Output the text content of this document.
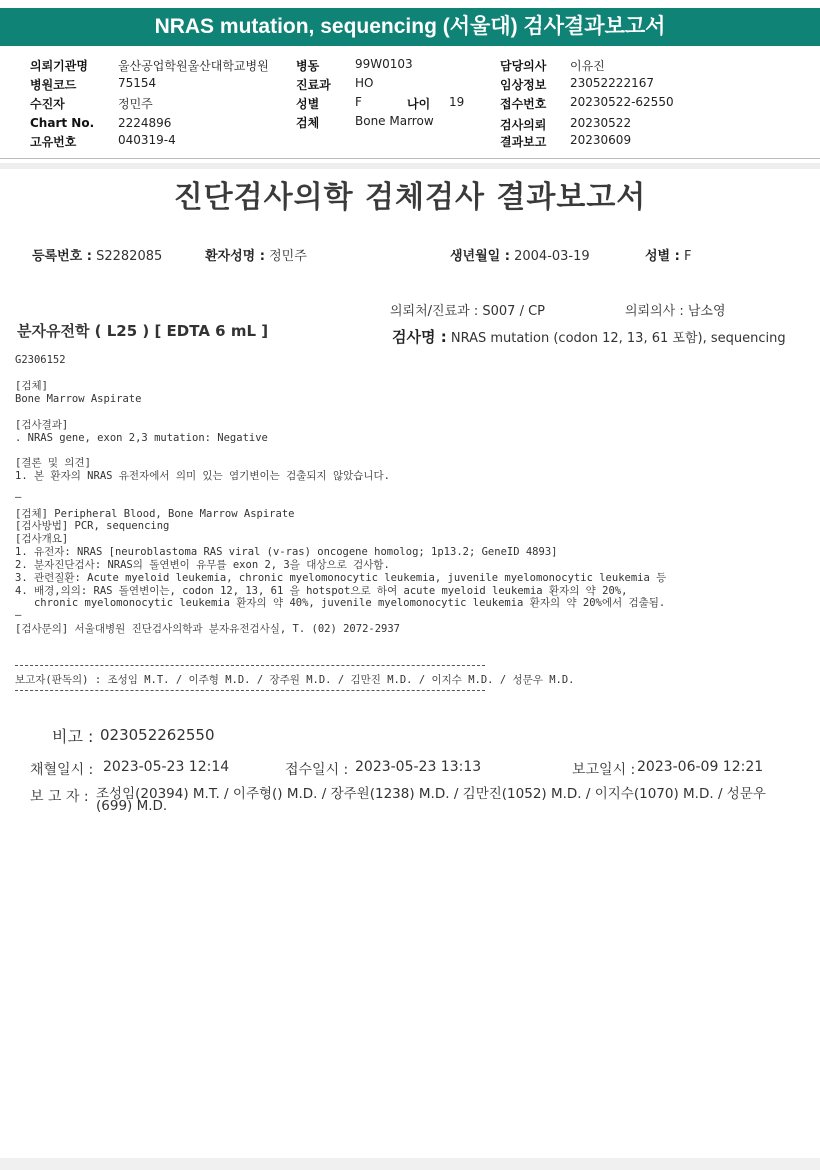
NRAS mutation, sequencing (서울대) 검사결과보고서
의뢰기관명	울산공업학원울산대학교병원
병원코드	75154
수진자	정민주
Chart No. 2224896
고유번호	040319-4
병동	99W0103
진료과 HO
성별	F	나이 19
검체	Bone Marrow
담당의사 이유진
임상정보 23052222167
접수번호 20230522-62550
검사의뢰 20230522
결과보고 20230609
진단검사의학 검체검사 결과보고서
등록번호 : S2282085	환자성명 : 정민주	생년월일 : 2004-03-19	성별 : F
의뢰처/진료과 : S007 / CP	의뢰의사 : 남소영
분자유전학 ( L25 ) [ EDTA 6 mL ]	검사명 : NRAS mutation (codon 12, 13, 61 포함), sequencing
G2306152
[검체]
Bone Marrow Aspirate
[검사결과]
. NRAS gene, exon 2,3 mutation: Negative
[결론 및 의견]
1. 본 환자의 NRAS 유전자에서 의미 있는 염기변이는 검출되지 않았습니다.
—
[검체] Peripheral Blood, Bone Marrow Aspirate
[검사방법] PCR, sequencing
[검사개요]
1. 유전자: NRAS [neuroblastoma RAS viral (v-ras) oncogene homolog; 1p13.2; GeneID 4893]
2. 분자진단검사: NRAS의 돌연변이 유무를 exon 2, 3을 대상으로 검사함.
3. 관련질환: Acute myeloid leukemia, chronic myelomonocytic leukemia, juvenile myelomonocytic leukemia 등
4. 배경,의의: RAS 돌연변이는, codon 12, 13, 61 을 hotspot으로 하여 acute myeloid leukemia 환자의 약 20%,
chronic myelomonocytic leukemia 환자의 약 40%, juvenile myelomonocytic leukemia 환자의 약 20%에서 검출됨.
—
[검사문의] 서울대병원 진단검사의학과 분자유전검사실, T. (02) 2072-2937
보고자(판독의) : 조성임 M.T. / 이주형 M.D. / 장주원 M.D. / 김만진 M.D. / 이지수 M.D. / 성문우 M.D.
비고 : 023052262550
채혈일시 : 2023-05-23 12:14	접수일시 : 2023-05-23 13:13	보고일시 : 2023-06-09 12:21
보 고 자 : 조성임(20394) M.T. / 이주형() M.D. / 장주원(1238) M.D. / 김만진(1052) M.D. / 이지수(1070) M.D. / 성문우
(699) M.D.
